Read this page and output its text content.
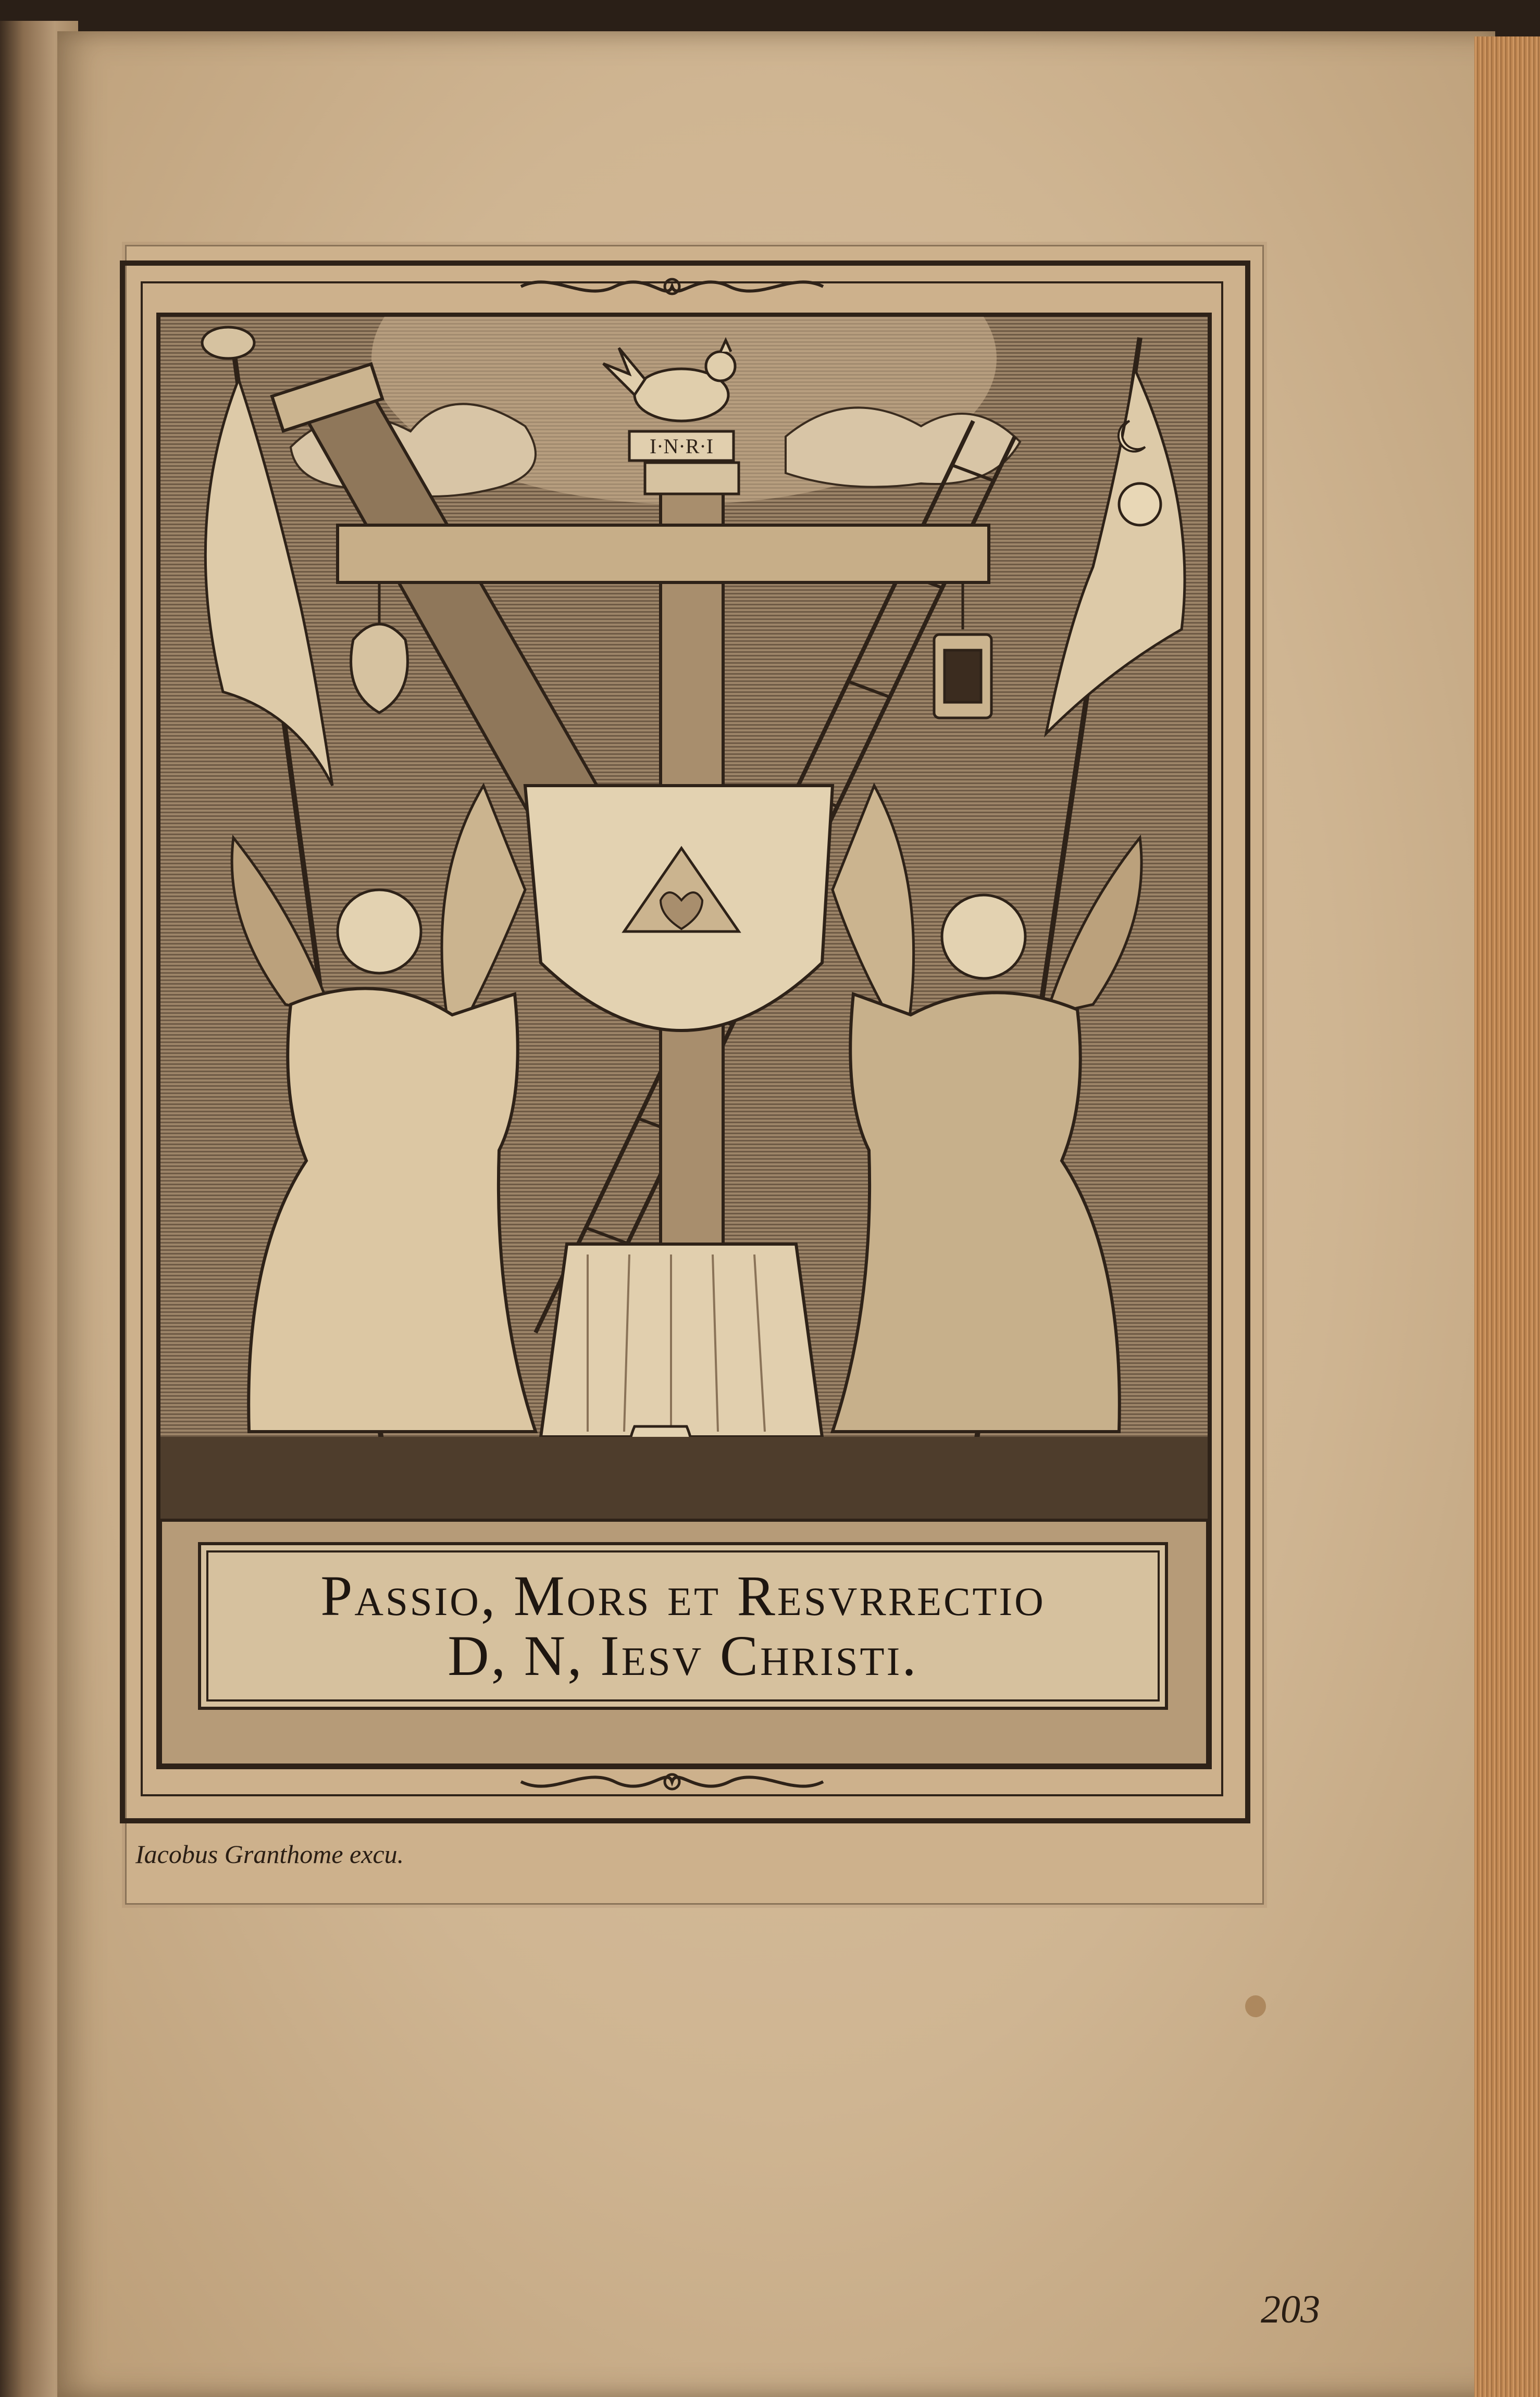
I·N·R·I
Passio, Mors et Resvrrectio
D, N, Iesv Christi.
Iacobus Granthome excu.
203
